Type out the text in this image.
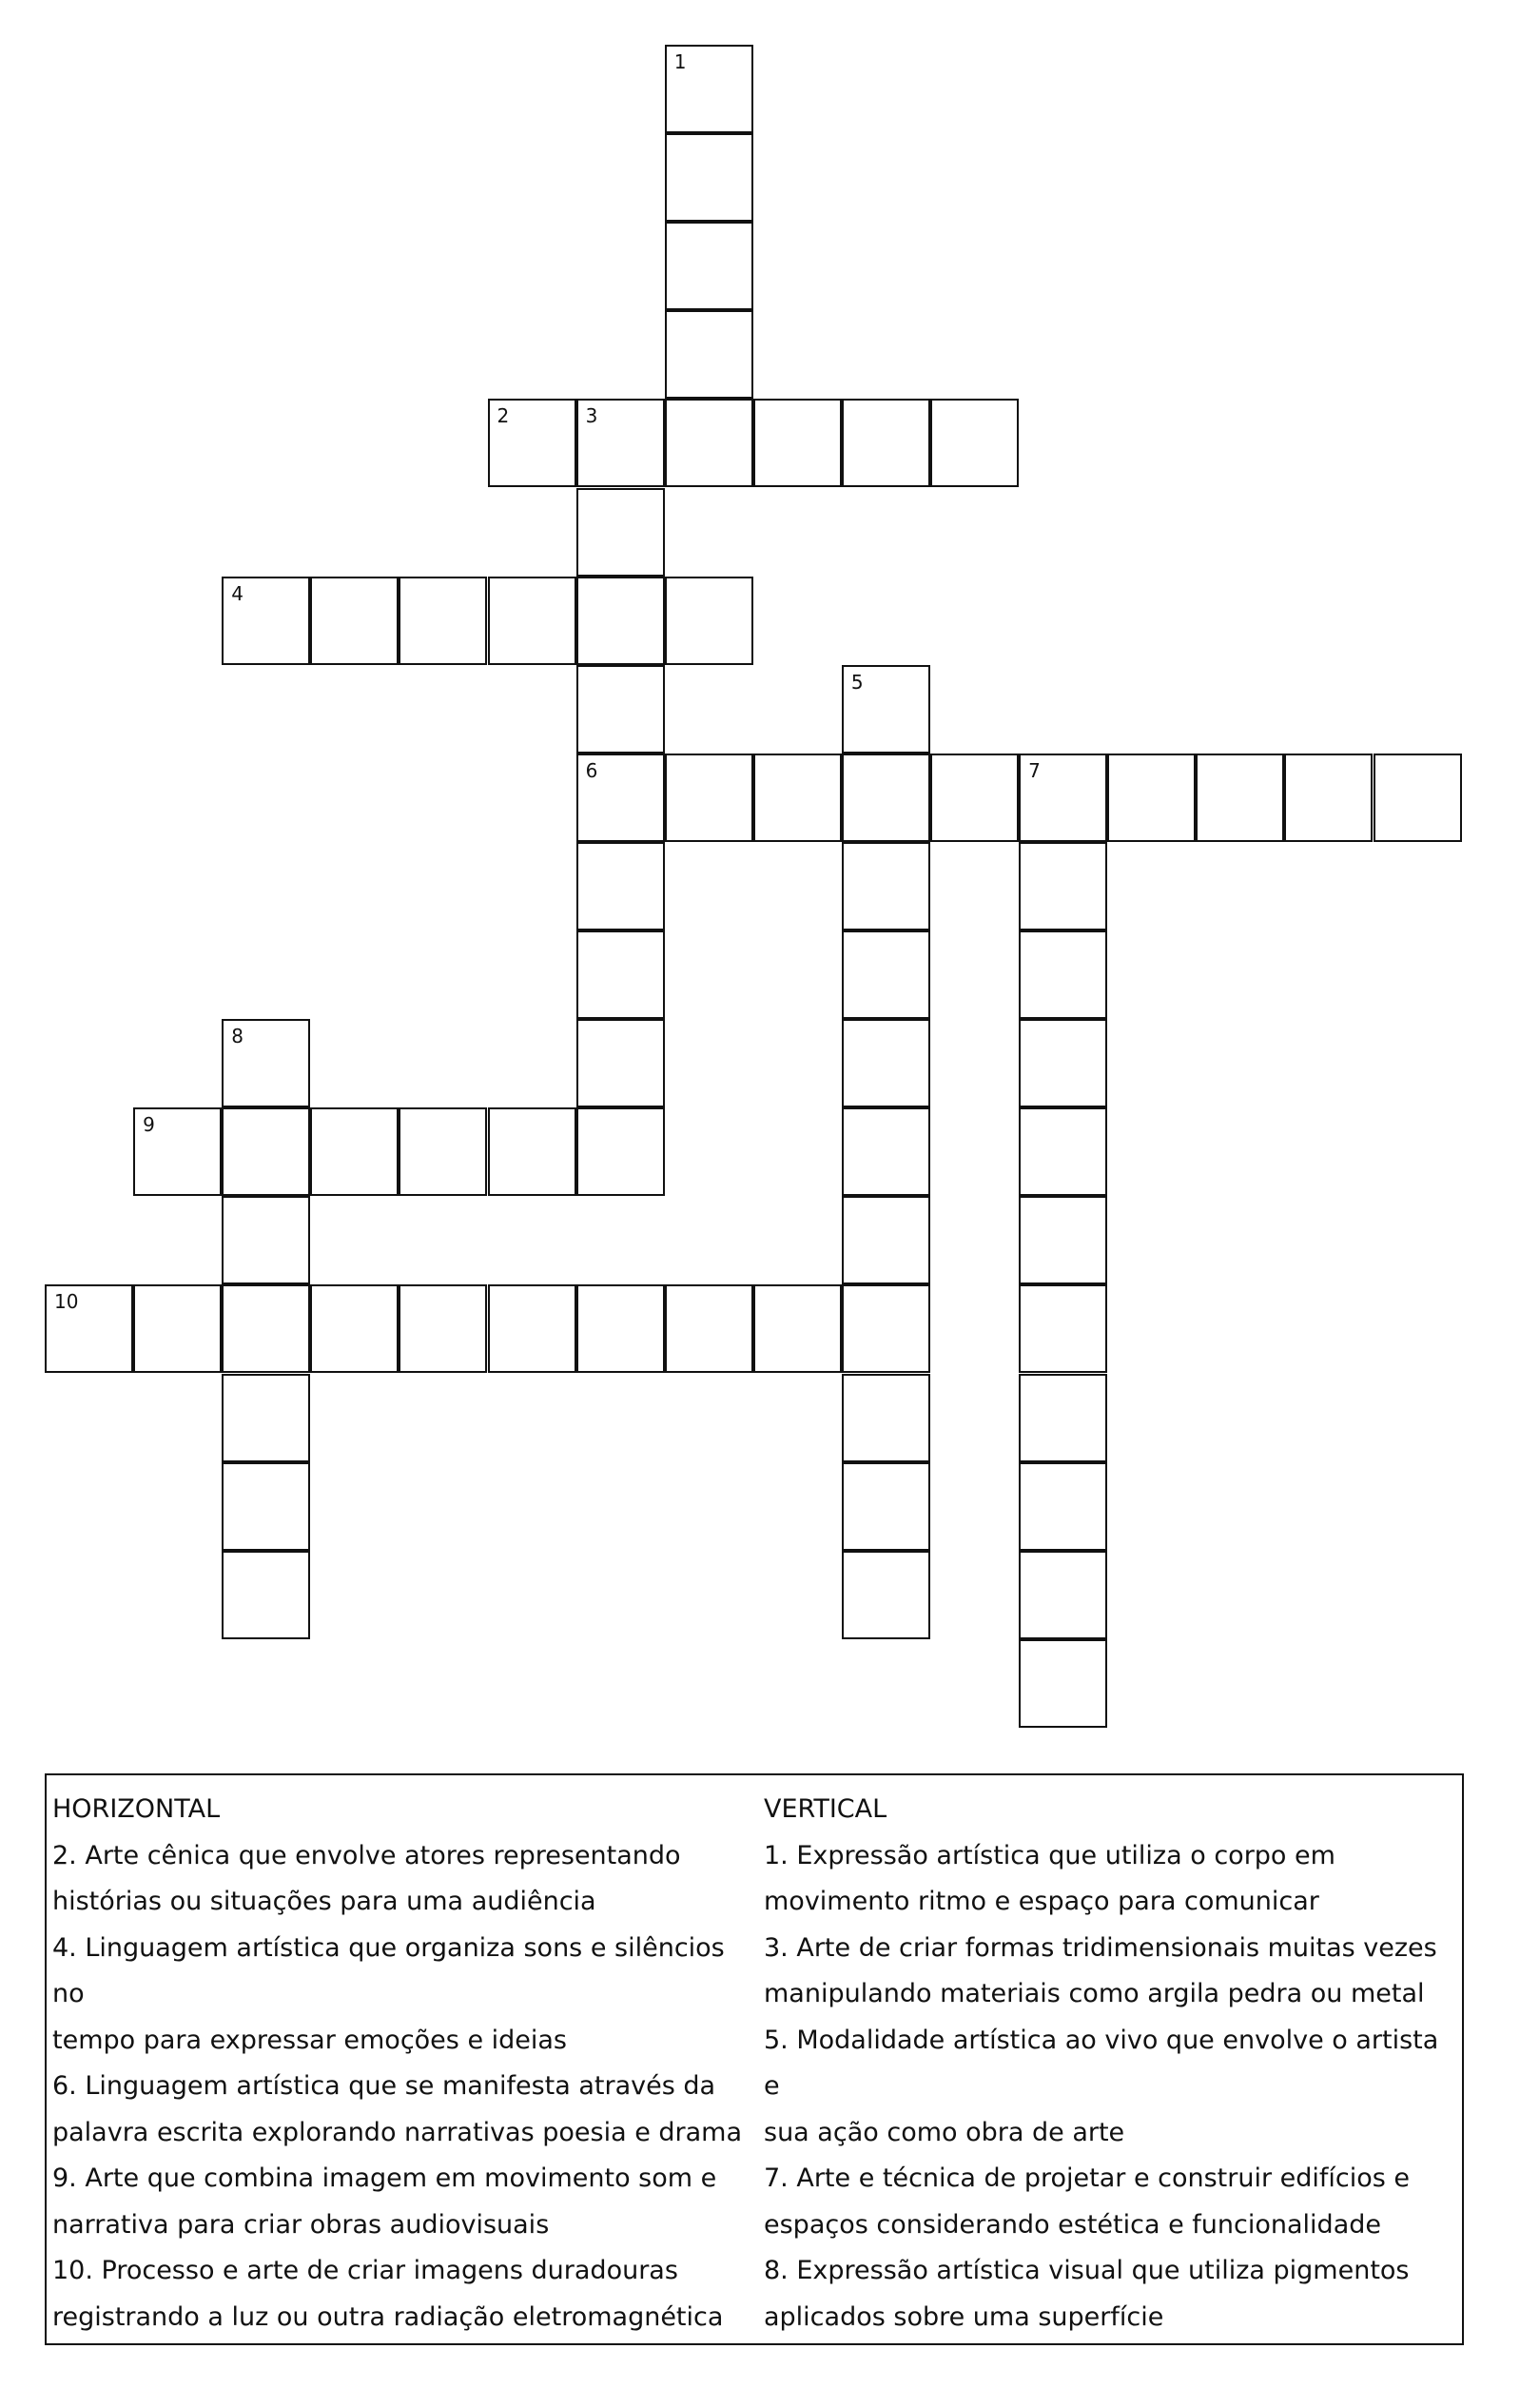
1
2	3
4
5
6	7
8
9
10
HORIZONTAL

2. Arte cênica que envolve atores representando
histórias ou situações para uma audiência

4. Linguagem artística que organiza sons e silêncios no
tempo para expressar emoções e ideias

6. Linguagem artística que se manifesta através da
palavra escrita explorando narrativas poesia e drama

9. Arte que combina imagem em movimento som e
narrativa para criar obras audiovisuais

10. Processo e arte de criar imagens duradouras
registrando a luz ou outra radiação eletromagnética

VERTICAL

1. Expressão artística que utiliza o corpo em
movimento ritmo e espaço para comunicar

3. Arte de criar formas tridimensionais muitas vezes
manipulando materiais como argila pedra ou metal

5. Modalidade artística ao vivo que envolve o artista e
sua ação como obra de arte

7. Arte e técnica de projetar e construir edifícios e
espaços considerando estética e funcionalidade

8. Expressão artística visual que utiliza pigmentos
aplicados sobre uma superfície
